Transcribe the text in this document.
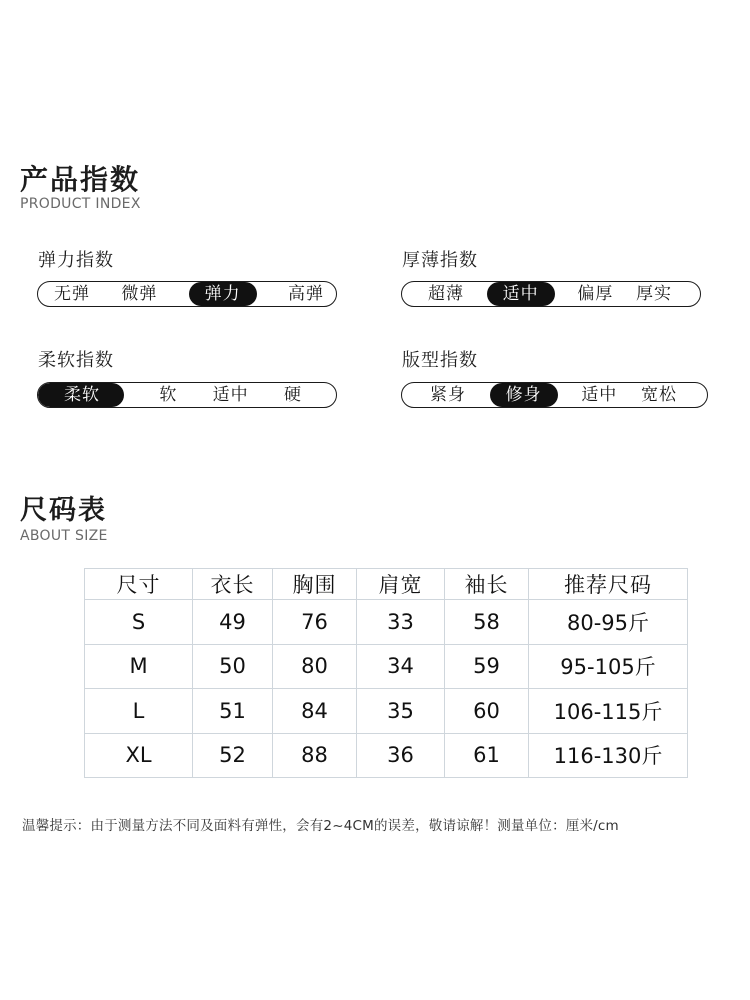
产品指数
PRODUCT INDEX
弹力指数
无弹 微弹	弹力	高弹
厚薄指数
超薄	适中	偏厚 厚实
柔软指数
柔软	软 适中 硬
版型指数
紧身	修身	适中 宽松
尺码表
ABOUT SIZE
尺寸	衣长	胸围	肩宽	袖长	推荐尺码
S	49	76	33	58	80-95斤
M	50	80	34	59	95-105斤
L	51	84	35	60	106-115斤
XL	52	88	36	61	116-130斤
温馨提示：由于测量方法不同及面料有弹性，会有2~4CM的误差，敬请谅解！测量单位：厘米/cm
